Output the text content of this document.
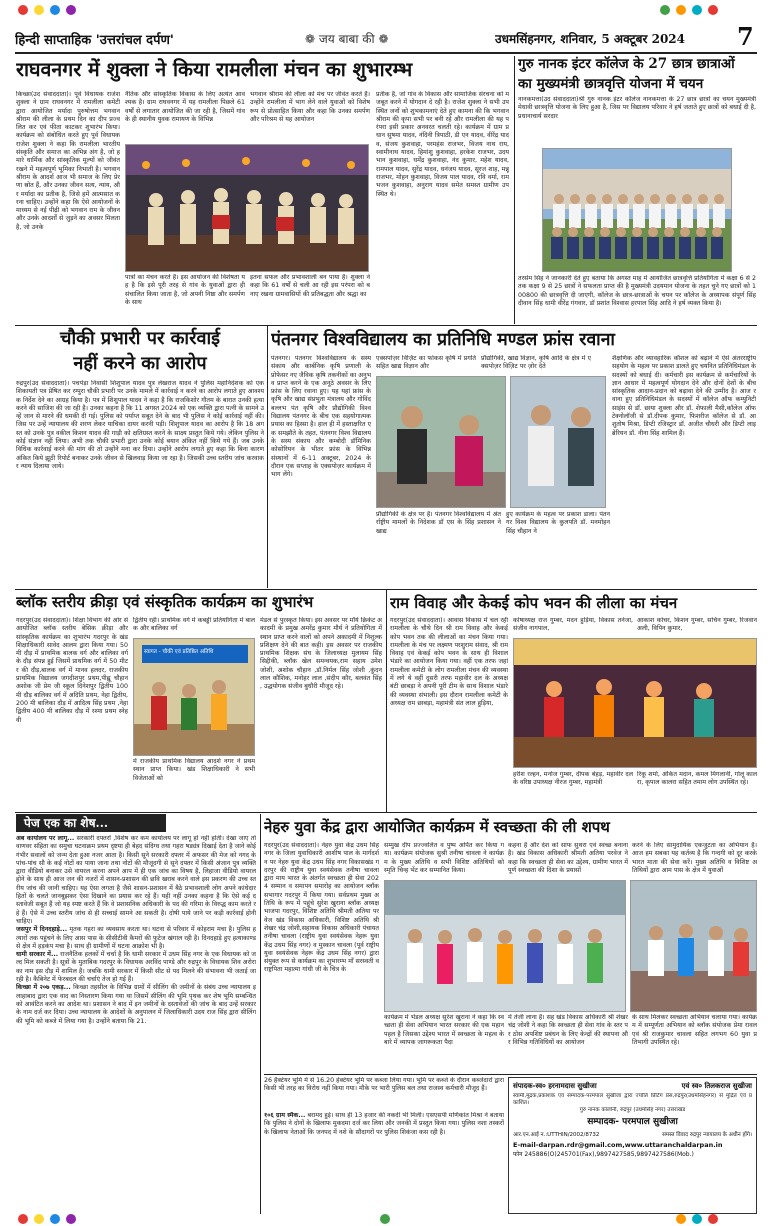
हिन्दी साप्ताहिक 'उत्तरांचल दर्पण'	❁ जय बाबा की ❁	उधमसिंहनगर, शनिवार, 5 अक्टूबर 2024 7
राघवनगर में शुक्ला ने किया रामलीला मंचन का शुभारम्भ
किच्छा(उद संवाददाता)। पूर्व विधायक राजेश शुक्ला ने ग्राम राघवनगर में रामलीला कमेटी द्वारा आयोजित मर्यादा पुरुषोत्तम भगवान श्रीराम की लीला के प्रथम दिन का दीप प्रज्वलित कर एवं फीता काटकर शुभारंभ किया। कार्यक्रम को संबोधित करते हुए पूर्व विधायक राजेश शुक्ला ने कहा कि रामलीला भारतीय संस्कृति और समाज का अभिन्न अंग है, जो हमारे धार्मिक और सांस्कृतिक मूल्यों को जीवंत रखने में महत्वपूर्ण भूमिका निभाती है। भगवान श्रीराम के आदर्श आज भी समाज के लिए प्रेरणा स्रोत हैं, और उनका जीवन सत्य, न्याय, और मर्यादा का प्रतीक है, जिसे हमें आत्मसात करना चाहिए। उन्होंने कहा कि ऐसे आयोजनों के माध्यम से नई पीढ़ी को भगवान राम के जीवन और उनके आदर्शों से जुड़ने का अवसर मिलता है, जो उनके
नैतिक और सांस्कृतिक विकास के लिए अत्यंत आवश्यक है। ग्राम राघवनगर में यह रामलीला पिछले 61 वर्षों से लगातार आयोजित की जा रही है, जिसमें गांव के ही स्थानीय युवक रामायण के विभिन्न
भगवान श्रीराम की लीला को मंच पर जीवंत करते हैं। उन्होंने रामलीला में भाग लेने वाले युवाओं को विशेष रूप से प्रोत्साहित किया और कहा कि उनका समर्पण और परिश्रम से यह आयोजन
पात्रों का मंचन करते हैं। इस आयोजन की विशेषता यह है कि इसे पूरी तरह से गांव के युवाओं द्वारा ही संचालित किया जाता है, जो अपनी निष्ठा और समर्पण के साथ
इतना सफल और प्रभावशाली बन पाया है। शुक्ला ने कहा कि 61 वर्षों से चली आ रही इस परंपरा को बनाए रखना ग्रामवासियों की प्रतिबद्धता और श्रद्धा का
प्रतीक है, जो गांव के विकास और सामाजिक संरचना को मजबूत करने में योगदान दे रही है। राजेश शुक्ला ने सभी उपस्थित जनों को शुभकामनाएं देते हुए कामना की कि भगवान श्रीराम की कृपा सभी पर बनी रहे और रामलीला की यह परंपरा इसी प्रकार अनवरत चलती रहे। कार्यक्रम में ग्राम प्रधान सुषमा यादव, नंदिनी त्रिपाठी, डी एन यादव, वीरेंद्र यादव, संजय कुशवाहा, परमहंस राजभर, विजय नाथ राय, स्वामीनाथ यादव, हिमांशु कुशवाहा, हरकेश राजभर, उदयभान कुशवाहा, धर्मेंद्र कुशवाहा, नंद कुमार, महेश यादव, रामपाल यादव, सुरेंद्र यादव, धनंजय यादव, सूरज शाह, मन्नू राजभर, मोहन कुशवाहा, विजय पाल यादव, रवि वर्मा, राम भजन कुशवाहा, अनुराग यादव समेत समस्त ग्रामीण उपस्थित थे।
गुरु नानक इंटर कॉलेज के 27 छात्र छात्राओं
का मुख्यमंत्री छात्रवृत्ति योजना में चयन
नानकमत्ता(उद संवाददाता)श्री गुरु नानक इंटर कॉलेज नानकमत्ता के 27 छात्र छात्रों का चयन मुख्यमंत्री मेधावी छात्रवृत्ति योजना के लिए हुआ है, जिस पर विद्यालय परिवार ने हर्ष जताते हुए छात्रों को बधाई दी है, प्रधानाचार्य सरदार
तरसेम सिंह ने जानकारी देते हुए बताया कि अगस्त माह में आयोजित छात्रवृत्ति प्रतियोगिता में कक्षा 6 से 2 तक कक्षा 9 से 25 छात्रों ने सफलता प्राप्त की है मुख्यमंत्री उदयमान योजना के तहत चुने गए छात्रों को 100800 की छात्रवृत्ति दी जाएगी, कॉलेज के छात्र-छात्राओं के चयन पर कॉलेज के अध्यापक संपूर्ण सिंह दीवान सिंह धामी वीरेंद्र गंगवार, डॉ प्रशांत विश्वास हरपाल सिंह आदि ने हर्ष व्यक्त किया है।
चौकी प्रभारी पर कार्रवाई
नहीं करने का आरोप
रुद्रपुर(उद संवाददाता)। पचपेड़ा निवासी शिशुपाल यादव पुत्र लेखराज यादव ने पुलिस महानिदेशक को एक शिकायती पत्र प्रेषित कर रम्पुरा चौकी प्रभारी पर उनके मामले में कार्रवाई न करने का आरोप लगाते हुए आवश्यक निर्देश देने का आग्रह किया है। पत्र में शिशुपाल यादव ने कहा है कि राजकिशोर गौतम के बारात उनकी हत्या करने की साजिश की जा रही है। उनका कहना है कि 11 अगस्त 2024 को एक व्यक्ति द्वारा पत्नी के सामने उन्हें जान से मारने की धमकी दी गई। पुलिस को पर्याप्त सबूत देने के बाद भी पुलिस ने कोई कार्रवाई नहीं की। जिस पर उन्हें न्यायालय की शरण लेकर याचिका दायर करनी पड़ी। शिशुपाल यादव का आरोप है कि 18 अगस्त को उनके पुत्र वकील किशन यादव की गाड़ी को क्षतिग्रस्त करने के साक्ष्य प्रस्तुत किये गये। लेकिन पुलिस ने कोई संज्ञान नहीं लिया। अभी तक चौकी प्रभारी द्वारा उनके कोई बयान अंकित नहीं किये गये हैं। जब उनके विधिक कार्रवाई करने की मांग की तो उन्होंने मना कर दिया। उन्होंने आरोप लगाते हुए कहा कि बिना कारण अंकित किये झूठी रिपोर्ट बनाकर उनके जीवन से खिलवाड़ किया जा रहा है। जिसकी उच्च स्तरीय जांच करवाकर न्याय दिलाया जाये।
पंतनगर विश्वविद्यालय का प्रतिनिधि मण्डल फ्रांस रवाना
पंतनगर। पंतनगर विश्वविद्यालय के सस्य संकाय और कार्बनिक कृषि प्रणाली के प्रोफेसर नए जैविक कृषि तकनीकों का अनुभव प्राप्त करने के एक अनूठे अवसर के लिए फ्रांस के लिए रवाना हुए। यह यहां फ्रांस के कृषि और खाद्य संप्रभुता मंत्रालय और गोविंद बल्लभ पंत कृषि और प्रौद्योगिकी विश्वविद्यालय पंतनगर के बीच एक सहयोगात्मक प्रयास का हिस्सा है। हाल ही में हस्ताक्षरित एक समझौते के तहत, पंतनगर विश्व विद्यालय के सस्य संकाय और कम्बोदी डॉमिनिक कोसोरियन के भीतर फ्रांस के विभिन्न संस्थानों में 6-11 अक्टूबर, 2024 के दौरान एक सप्ताह के एक्सपोज़र कार्यक्रम में भाग लेंगे।
एक्सपोज़र विज़िट का फोकस कृषि में प्रगति सहित खाद्य विज्ञान और
प्रौद्योगिकी, खाद्य विज्ञान, कृषि आदि के क्षेत्र में एक्सपोज़र विज़िट पर ज़ोर देते
प्रौद्योगिकी के क्षेत्र पर है। पंतनगर विश्वविद्यालय में अंतर्राष्ट्रीय मामलों के निदेशक डॉ एस के सिंह प्रशासन ने खाद्य
हुए कार्यक्रम के महत्व पर प्रकाश डाला। पंतनगर विश्व विद्यालय के कुलपति डॉ. मनमोहन सिंह चौहान ने
शैक्षणिक और व्यावहारिक कौशल को बढ़ाने में ऐसे अंतरराष्ट्रीय सहयोग के महत्व पर प्रकाश डालते हुए चयनित प्रतिनिधिमंडल के सदस्यों को बधाई दी। कर्मचारी इस कार्यक्रम से कर्मचारियों के ज्ञान आधार में महत्वपूर्ण योगदान देने और दोनों देशों के बीच सांस्कृतिक आदान-प्रदान को बढ़ावा देने की उम्मीद है। आज रवाना हुए प्रतिनिधिमंडल के सदस्यों में कॉलेज ऑफ कम्युनिटी साइंस से डॉ. छाया शुक्ला और डॉ. शेफाली मैसी,कॉलेज ऑफ टेक्नोलॉजी से डॉ.दीपक कुमार, फिशरीज कॉलेज से डॉ. आशुतोष मिश्रा, डिप्टी रजिस्ट्रार डॉ. अजीत चौधरी और डिप्टी लाइब्रेरियन डॉ. नीना सिंह शामिल हैं।
ब्लॉक स्तरीय क्रीड़ा एवं संस्कृतिक कार्यक्रम का शुभारंभ
गदरपुर(उद संवाददाता)। शिक्षा विभाग की ओर से आयोजित ब्लॉक स्तरीय बेसिक क्रीड़ा और सांस्कृतिक कार्यक्रम का शुभारंभ गदरपुर के खंड शिक्षाधिकारी सावेद आलम द्वारा किया गया। 50 मी दौड़ में प्राथमिक बालक वर्ग और बालिका वर्ग के दौड़ संपन्न हुई जिसमें प्राथमिक वर्ग में 50 मीटर की दौड़,बालक वर्ग में मानव हलदर, राजकीय प्राथमिक विद्यालय जगदीशपुर प्रथम,पीह्लू चौहान अशोक जी प्रेम जी स्कूल दिनेशपुर द्वितीय 100 मी दौड़ बालिका वर्ग में अदिति प्रथम, नेहा द्वितीय, 200 मी बालिका दौड़ में आदित्य सिंह प्रथम ,नेहा द्वितीय 400 मी बालिका दौड़ में रश्मा प्रथम स्नेहवी
द्वितीय रही। प्राथमिक वर्ग में कबड्डी प्रतियोगिता में बालक और बालिका वर्ग
स्वागत - चौकी एवं प्रतिष्ठित अतिथि
में राजकीय प्राथमिक विद्यालय आदर्श नगर ने प्रथम स्थान प्राप्त किया। खंड शिक्षाधिकारी ने सभी विजेताओं को
मेडल से पुरस्कृत किया। इस अवसर पर मॉर्य क्रिकेट अकादमी के प्रमुख अमरेंद्र कुमार मौर्य ने प्रतियोगिता में स्थान प्राप्त करने वालों को अपने अकादमी में निशुल्क प्रशिक्षण देने की बात कही। इस अवसर पर राजकीय प्राथमिक शिक्षक संघ के जिलाध्यक्ष मुलायम सिंह सिद्दीकी, ब्लॉक खेल समन्वयक,राम सहाय उमेश जोशी, अशोक चौहान ,डॉ.निर्मल सिंह जोशी ,कुंदन लाल कौशिक, मनोहर लाल ,संदीप कौर, बलवंत सिंह , उद्धयोगक संजीव बुधौरी मौजूद रहे।
राम विवाह और केकई कोप भवन की लीला का मंचन
गदरपुर(उद संवाददाता)। आवास विकास में चल रही रामलीला के चौथे दिन श्री राम विवाह और केकई कोप भवन तक की लीलाओं का मंचन किया गया। रामलीला के मंच पर लक्ष्मण परशुराम संवाद, श्री राम विवाह एवं केकई कोप भवन के साथ ही विशाल भंडारे का आयोजन किया गया। वहीं एक तरफ जहां रामलीला कमेटी के लोग रामलीला मंचन की व्यवस्था में लगे थे वहीं दूसरी तरफ महावीर दल के अध्यक्ष बंटी छाबड़ा ने अपनी पूरी टीम के साथ विशाल भंडारे की व्यवस्था संभाली। इस दौरान रामलीला कमेटी के अध्यक्ष राम छाबड़ा, महामंत्री संत लाल हुड़िया,
कोषाध्यक्ष राज गुम्बर, मदन हुड़िया, विकास तनेजा, संजीव नागपाल,
आकाश कोचर, किशन गुम्बर, सचिन गुम्बर, रिजवान अली, विपिन कुमार,
हरीश रल्हन, मनोज गुम्बर, दीपक बेहड़, महावीर दल के वरिष्ठ उपाध्यक्ष नीरज गुम्बर, महामंत्री
रिंकू शर्मा, अंकित मदान, कमल मिगलानी, गोलू कालरा, कृपाल कालरा सहित तमाम लोग उपस्थित रहे।
पेज एक का शेष...
अब कार्यालय पर लागू... सरकारी दफ्तरों ,विशेष कर कम कार्यालय पर लागू हो नहीं होती। देखा जाए तो वाणवर संहिता का समुचा घटनाक्रम प्रथम दृष्टया ही बेहद संदिग्ध तथा गहरा षड्यंत्र दिखाई देता है जाने कोई गंभीर सवालों को जन्म देता हुआ नजर आता है। किसी सूने सरकारी दफ्तर में अफसर की मेज को नगद के पांच-पांच सौ के कई नोटों का पाया जाना तथा नोटों की मौजूदगी से सूने दफ्तर में किसी अंजान पुत्र व्यक्ति द्वारा वीडियो बनाकर उसे वायरल करना अपने आप में ही एक जांच का विषय है, लिहाजा वीडियो वायरल होने के साथ ही आज जन की नजरों में शासन-प्रशासन की छवि खराब करने वाले इस प्रकरण की उच्च स्तरीय जांच की जानी चाहिए। यह ऐसा लगता है जैसे शासन-प्रशासन में बैठे प्रभावशाली लोग अपने कांधेदार हितों के चलते जानबूझकर ऐसा दिखाने का प्रयास कर रहे हैं। यही नहीं उनका कहना है कि ऐसे कई दस्तावेजी सबूत हैं जो यह स्पष्ट करते हैं कि वे प्रशासनिक अधिकारी के पद की गरिमा के विरुद्ध काम करते रहे हैं। ऐसे में उच्च स्तरीय जांच से ही सच्चाई सामने आ सकती है। दोषी पाये जाने पर कड़ी कार्रवाई होनी चाहिए।
जसपुर में दिनदहाड़े... मृतक गहरा का व्यवसाय करता था। घटना से परिवार में कोहराम मचा है। पुलिस हत्यारों तक पहुंचने के लिए आस पास के सीसीटीवी कैमरों की फुटेज खंगाल रही है। दिनदहाड़े हुए हत्याकाण्ड से क्षेत्र में हड़कंप मचा है। साथ ही ग्रामीणों में घटना आक्रोश भी है।
धामी सरकार में... राजनैतिक हलकों में चर्चा है कि धामी सरकार में उधम सिंह नगर के एक विधायक को जल्द मिल सकती है। सूत्रों के मुताबिक गदरपुर के विधायक अरविंद पाण्डे और रुद्रपुर के विधायक शिव अरोरा का नाम इस दौड़ में शामिल है। जबकि धामी सरकार में किसी सीट से पद मिलने की संभावना भी जताई जा रही है। कैबिनेट में फेरबदल की चर्चाएं तेज हो गई हैं।
किच्छा में २०७ एकड़... किच्छा तहसील के विभिन्न ग्रामों में सीलिंग की जमीनों के संबंध उच्च न्यायालय इलाहाबाद द्वारा एक वाद का निस्तारण किया गया था जिसमें सीलिंग की भूमि पृथक कर शेष भूमि सम्बन्धित को आवंटित करने का आदेश था। प्रशासन ने बाद में इन जमीनों के दस्तावेजों की जांच के बाद उन्हें सरकार के नाम दर्ज कर दिया। उच्च न्यायालय के आदेशों के अनुपालन में जिलाधिकारी उदय राज सिंह द्वारा सीलिंग की भूमि को कब्जे में लिया गया है। उन्होंने बताया कि 21.
नेहरु युवा केंद्र द्वारा आयोजित कार्यक्रम में स्वच्छता की ली शपथ
गदरपुर(उद संवाददाता)। नेहरु युवा केंद्र उधम सिंह नगर के जिला युवाधिकारी आशीष पाल के मार्गदर्शन पर नेहरु युवा केंद्र उधम सिंह नगर विकासखंड गदरपुर की राष्ट्रीय युवा स्वयंसेवक तनीषा चावला द्वारा माय भारत के अंतर्गत स्वच्छता ही सेवा 2024 सम्मान व समापन समारोह का आयोजन ब्लॉक सभागार गदरपुर में किया गया। सर्वप्रथम मुख्य अतिथि के रूप में पहुंचे सुरेश खुराना ब्लॉक अध्यक्ष भाजपा गदरपुर, विशिष्ट अतिथि श्रीमती अतिया परवेज खंड विकास अधिकारी, विशिष्ट अतिथि श्री शेखर चंद्र जोशी,सहायक विकास अधिकारी पंचायत तनीषा चावला (राष्ट्रीय युवा स्वयंसेवक नेहरू युवा केंद्र उधम सिंह नगर) व मुस्कान चावला (पूर्व राष्ट्रीय युवा स्वयंसेवक नेहरू केंद्र उधम सिंह नगर) द्वारा संयुक्त रूप से कार्यक्रम का शुभारम्भ माँ सरस्वती व राष्ट्रपिता महात्मा गांधी जी के चित्र के
सम्मुख दीप प्रज्ज्वलित व पुष्प अर्पित कर किया गया। कार्यक्रम संयोजक सुश्री तनीषा चावला ने कार्यक्रम के मुख्य अतिथि व सभी विशिष्ट अतिथियों को स्मृति चिन्ह भेंट कर सम्मानित किया।
कहना है और देश को साफ सुथरा एवं स्वच्छ बनाना है। खंड विकास अधिकारी श्रीमती अतिया परवेज ने कहा कि स्वच्छता ही सेवा का उद्देश्य, ग्रामीण भारत में पूर्ण स्वच्छता की दिशा के प्रयासों
करने के लिए सामुदायिक एकजुटता का अभियान है। आज हम सबका यह कर्तव्य है कि गन्दगी को दूर करके भारत माता की सेवा करें। मुख्य अतिथि व विशिष्ट अतिथियों द्वारा आम पास के क्षेत्र में युवाओं
कार्यक्रम में भेंडल अध्यक्ष सुरेश खुराना ने कहा कि स्वच्छता ही सेवा अभियान भारत सरकार की एक महान पहल है जिसका उद्देश्य भारत में स्वच्छता के महत्व के बारे में व्यापक जागरूकता पैदा
में तेजी लाना है। सह खंड विकास अधिकारी श्री शेखर चंद्र जोशी ने कहा कि स्वच्छता ही सेवा गांव के स्तर पर ठोस अपशिष्ट प्रबंधन के लिए केन्द्रों की स्थापना और विभिन्न गतिविधियों का आयोजन
के साथ मिलकर स्वच्छता अभियान चलाया गया। कार्यक्रम में सम्पूर्णता अभियान को ब्लॉक संयोजक प्रेमा रावल एवं श्री राजकुमार चावला सहित लगभग 60 युवा प्रतिभागी उपस्थित रहे।
26 हैक्टेयर भूमि में से 16.20 हेक्टेयर भूमि पर कब्जा लिया गया। भूमि पर कब्जे के दौरान कब्जेदारों द्वारा किसी भी तरह का विरोध नहीं किया गया। मौके पर भारी पुलिस बल तथा राजस्व कर्मचारी मौजूद हैं।
१०६ ग्राम स्मैक... बरामद हुई। साथ ही 13 हजार की नकदी भी मिली। एसएसपी मणिकांत मिश्रा ने बताया कि पुलिस ने दोनों के खिलाफ मुकदमा दर्ज कर लिया और जनकी में प्रस्तुत किया गया। पुलिस नशा तस्करों के खिलाफ नेताओं कि जनपद में नशे के सौदागरों पर पुलिस शिकंजा कस रही है।
संपादक-स्व० हरनामदास सुखीजा	एवं स्व० तिलकराज सुखीजा
स्वामी,मुद्रक,प्रकाशक एवं सम्पादक-परमपाल सुखीजा द्वारा ज्योति प्रिंटिंग प्रेस,रुद्रपुर(उधमसिंहनगर) से मुद्रित एवं प्रकाशित।
गुरु नानक कॉलोनी, रुद्रपुर (उधमसिंह नगर) उत्तराखंड
सम्पादक- परमपाल सुखीजा
आर.एन.आई न.:UTTHIN/2002/8732	समस्त विवाद रुद्रपुर न्यायालय के अधीन होंगे।
E-mail-darpan.rdr@gmail.com,www.uttaranchaldarpan.in
फोन 245886(O)245701(Fax),9897427585,9897427586(Mob.)
